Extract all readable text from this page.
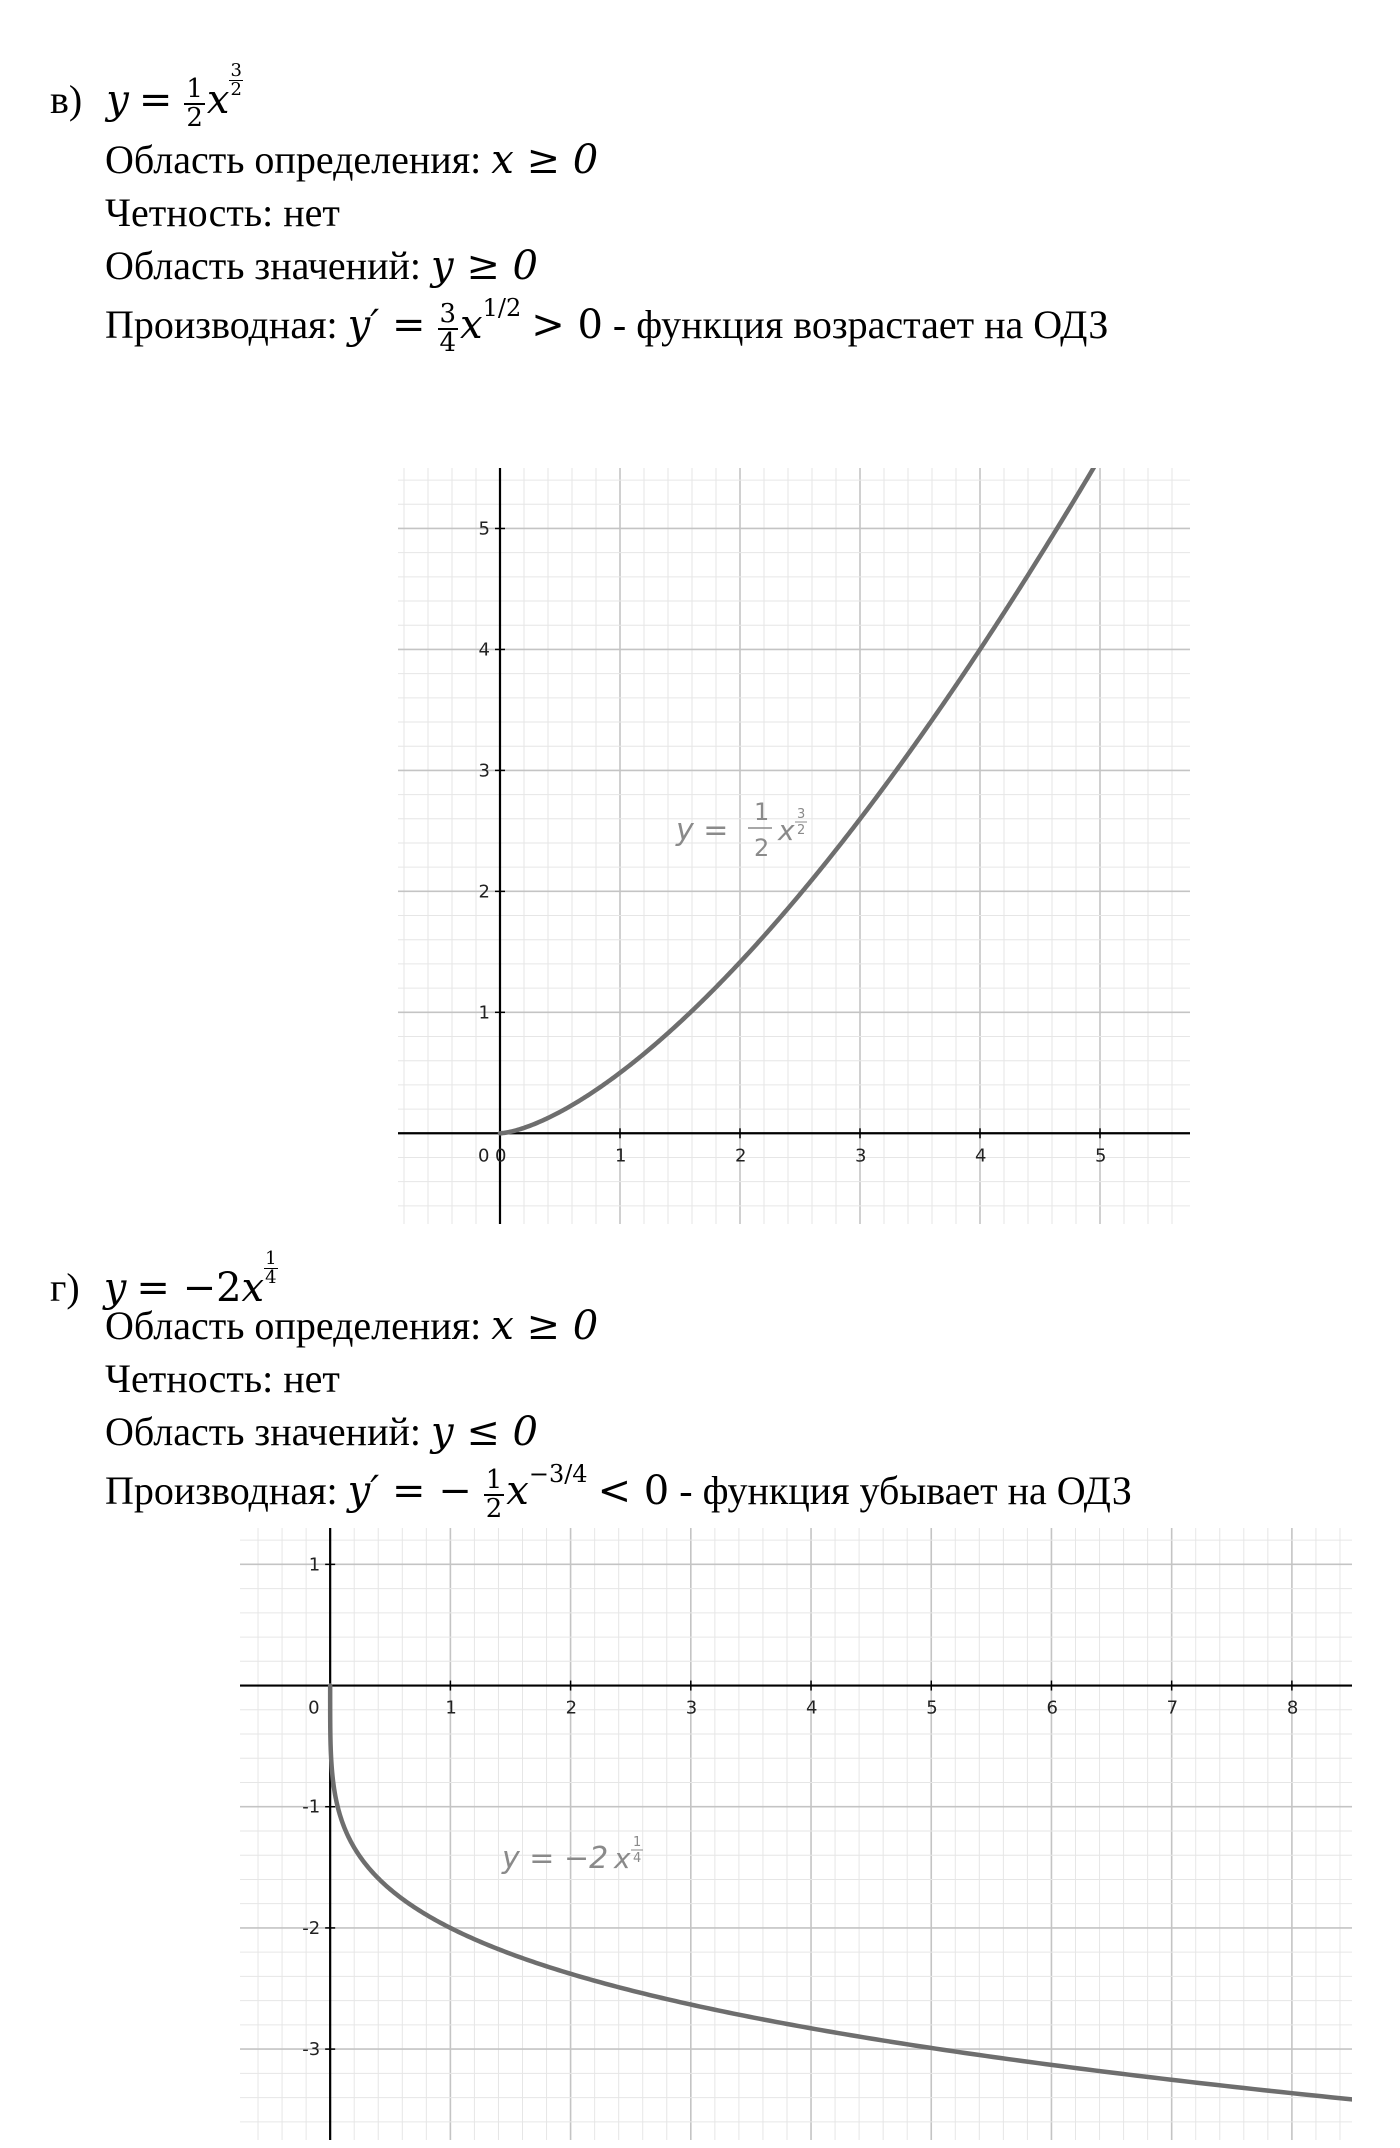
в) $y = \frac{1}{2}$ x $\frac{3}{2}$
Область определения: x ≥ 0
Четность: нет
Область значений: y ≥ 0
Производная: $y' = \frac{3}{4} x^{1/2} > 0$ - функция возрастает на ОДЗ
0 0	1	2	3	4	5
1
2
3
4
5
y =
1
2
x 3
2
г) $y = -2x \frac{1}{4}$
Область определения: x ≥ 0
Четность: нет
Область значений: y ≤ 0
Производная: y′ = − $\frac{1}{2} x^{-3/4} < 0$ - функция убывает на ОДЗ
0	1	2	3	4	5	6	7	8
1
-1
-2
-3
y = −2 x 1
4
